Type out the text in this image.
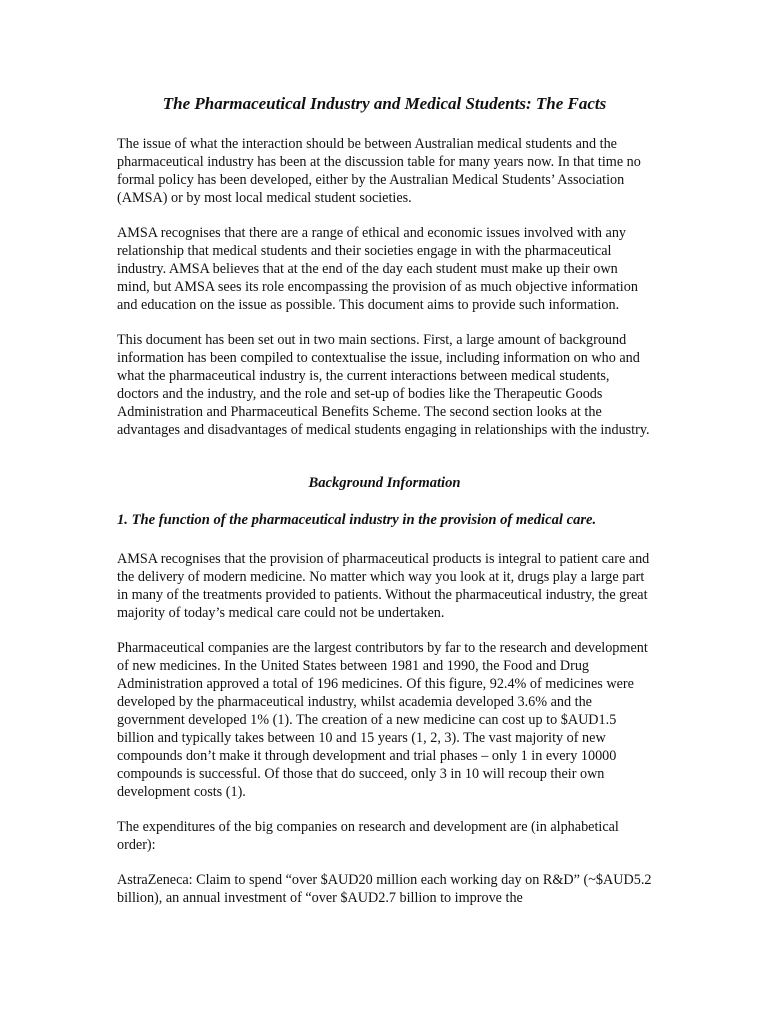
The Pharmaceutical Industry and Medical Students: The Facts

The issue of what the interaction should be between Australian medical students and the pharmaceutical industry has been at the discussion table for many years now. In that time no formal policy has been developed, either by the Australian Medical Students’ Association (AMSA) or by most local medical student societies.

AMSA recognises that there are a range of ethical and economic issues involved with any relationship that medical students and their societies engage in with the pharmaceutical industry. AMSA believes that at the end of the day each student must make up their own mind, but AMSA sees its role encompassing the provision of as much objective information and education on the issue as possible. This document aims to provide such information.

This document has been set out in two main sections. First, a large amount of background information has been compiled to contextualise the issue, including information on who and what the pharmaceutical industry is, the current interactions between medical students, doctors and the industry, and the role and set-up of bodies like the Therapeutic Goods Administration and Pharmaceutical Benefits Scheme. The second section looks at the advantages and disadvantages of medical students engaging in relationships with the industry.

Background Information
1. The function of the pharmaceutical industry in the provision of medical care.

AMSA recognises that the provision of pharmaceutical products is integral to patient care and the delivery of modern medicine. No matter which way you look at it, drugs play a large part in many of the treatments provided to patients. Without the pharmaceutical industry, the great majority of today’s medical care could not be undertaken.

Pharmaceutical companies are the largest contributors by far to the research and development of new medicines. In the United States between 1981 and 1990, the Food and Drug Administration approved a total of 196 medicines. Of this figure, 92.4% of medicines were developed by the pharmaceutical industry, whilst academia developed 3.6% and the government developed 1% (1). The creation of a new medicine can cost up to $AUD1.5 billion and typically takes between 10 and 15 years (1, 2, 3). The vast majority of new compounds don’t make it through development and trial phases – only 1 in every 10000 compounds is successful. Of those that do succeed, only 3 in 10 will recoup their own development costs (1).

The expenditures of the big companies on research and development are (in alphabetical order):

AstraZeneca: Claim to spend “over $AUD20 million each working day on R&D” (~$AUD5.2 billion), an annual investment of “over $AUD2.7 billion to improve the
